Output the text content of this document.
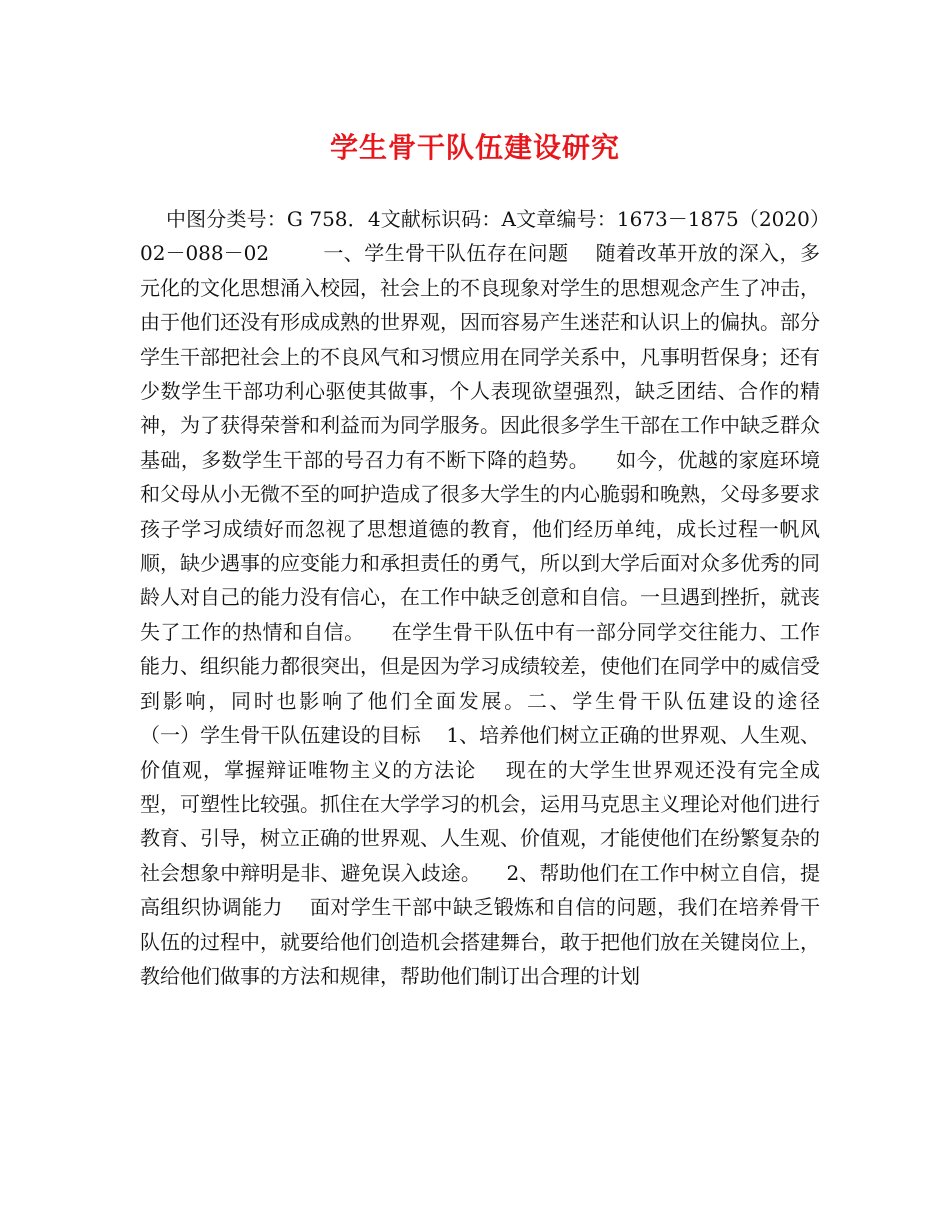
学生骨干队伍建设研究
中图分类号：G 758．4文献标识码：A文章编号：1673－1875（2020）02－088－02        一、学生骨干队伍存在问题    随着改革开放的深入，多元化的文化思想涌入校园，社会上的不良现象对学生的思想观念产生了冲击，由于他们还没有形成成熟的世界观，因而容易产生迷茫和认识上的偏执。部分学生干部把社会上的不良风气和习惯应用在同学关系中，凡事明哲保身；还有少数学生干部功利心驱使其做事，个人表现欲望强烈，缺乏团结、合作的精神，为了获得荣誉和利益而为同学服务。因此很多学生干部在工作中缺乏群众基础，多数学生干部的号召力有不断下降的趋势。    如今，优越的家庭环境和父母从小无微不至的呵护造成了很多大学生的内心脆弱和晚熟，父母多要求孩子学习成绩好而忽视了思想道德的教育，他们经历单纯，成长过程一帆风顺，缺少遇事的应变能力和承担责任的勇气，所以到大学后面对众多优秀的同龄人对自己的能力没有信心，在工作中缺乏创意和自信。一旦遇到挫折，就丧失了工作的热情和自信。    在学生骨干队伍中有一部分同学交往能力、工作能力、组织能力都很突出，但是因为学习成绩较差，使他们在同学中的威信受到影响，同时也影响了他们全面发展。二、学生骨干队伍建设的途径        （一）学生骨干队伍建设的目标    1、培养他们树立正确的世界观、人生观、价值观，掌握辩证唯物主义的方法论    现在的大学生世界观还没有完全成型，可塑性比较强。抓住在大学学习的机会，运用马克思主义理论对他们进行教育、引导，树立正确的世界观、人生观、价值观，才能使他们在纷繁复杂的社会想象中辩明是非、避免误入歧途。    2、帮助他们在工作中树立自信，提高组织协调能力    面对学生干部中缺乏锻炼和自信的问题，我们在培养骨干队伍的过程中，就要给他们创造机会搭建舞台，敢于把他们放在关键岗位上，教给他们做事的方法和规律，帮助他们制订出合理的计划
